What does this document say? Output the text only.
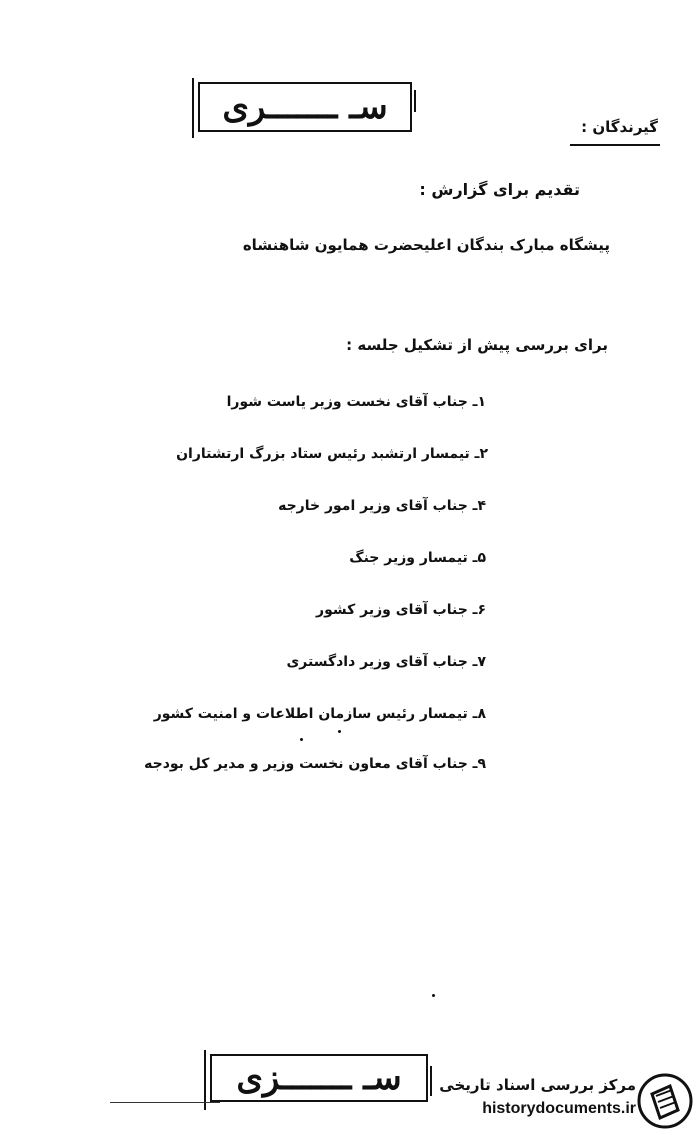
سـ ـــــــری	گیرندگان :
تقدیم برای گزارش :
پیشگاه مبارک بندگان اعلیحضرت همایون شاهنشاه
برای بررسی پیش از تشکیل جلسه :
۱ـ جناب آقای نخست وزیر یاست شورا
۲ـ تیمسار ارتشبد رئیس ستاد بزرگ ارتشتاران
۴ـ جناب آقای وزیر امور خارجه
۵ـ تیمسار وزیر جنگ
۶ـ جناب آقای وزیر کشور
۷ـ جناب آقای وزیر دادگستری
۸ـ تیمسار رئیس سازمان اطلاعات و امنیت کشور
۹ـ جناب آقای معاون نخست وزیر و مدیر کل بودجه
سـ ـــــــزی	مرکز بررسی اسناد تاریخی
historydocuments.ir
